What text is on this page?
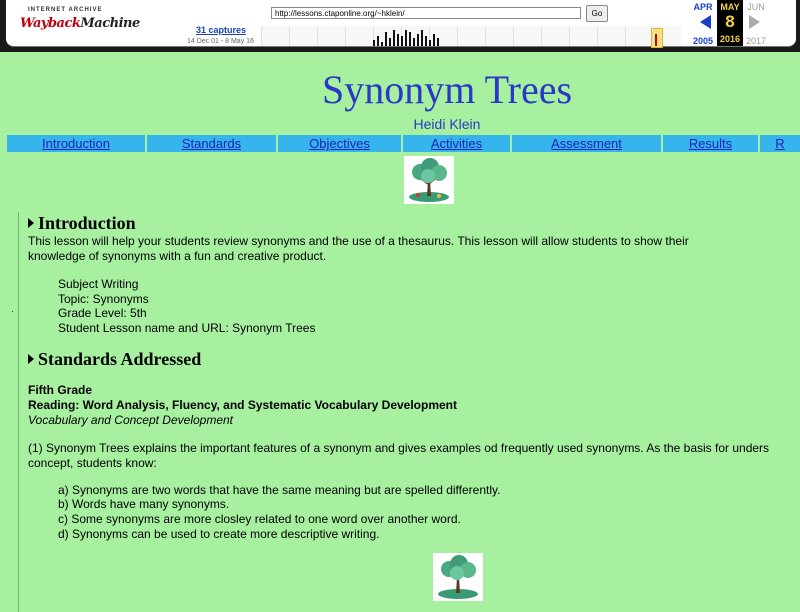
INTERNET ARCHIVE
WaybackMachine
http://lessons.ctaponline.org/~hklein/	Go
31 captures
14 Dec 01 - 8 May 16
APR
2005
MAY
8
2016
JUN
2017
Synonym Trees
Heidi Klein
Introduction	Standards	Objectives	Activities	Assessment	Results	R
.
Introduction
This lesson will help your students review synonyms and the use of a thesaurus. This lesson will allow students to show their
knowledge of synonyms with a fun and creative product.
Subject Writing
Topic: Synonyms
Grade Level: 5th
Student Lesson name and URL: Synonym Trees
Standards Addressed
Fifth Grade
Reading: Word Analysis, Fluency, and Systematic Vocabulary Development
Vocabulary and Concept Development
(1) Synonym Trees explains the important features of a synonym and gives examples od frequently used synonyms. As the basis for unders
concept, students know:
a) Synonyms are two words that have the same meaning but are spelled differently.
b) Words have many synonyms.
c) Some synonyms are more closley related to one word over another word.
d) Synonyms can be used to create more descriptive writing.
